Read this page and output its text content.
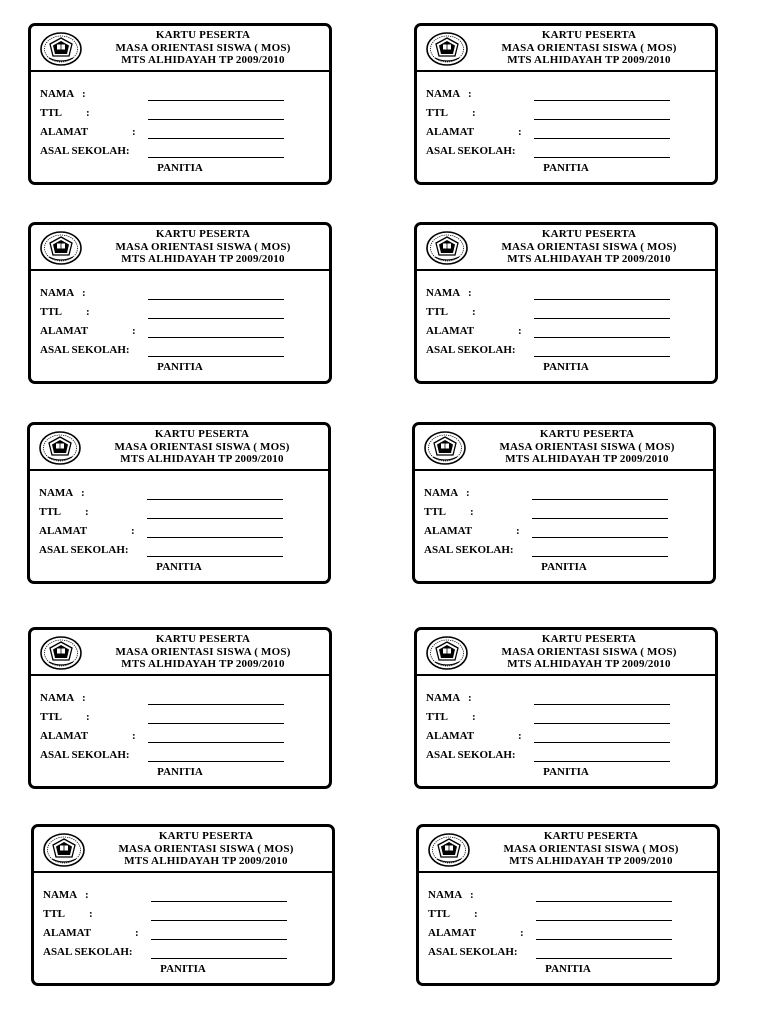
KARTU PESERTA
MASA ORIENTASI SISWA ( MOS)
MTS ALHIDAYAH TP 2009/2010
NAMA :
TTL :
ALAMAT	:
ASAL SEKOLAH:
PANITIA
KARTU PESERTA
MASA ORIENTASI SISWA ( MOS)
MTS ALHIDAYAH TP 2009/2010
NAMA :
TTL :
ALAMAT	:
ASAL SEKOLAH:
PANITIA
KARTU PESERTA
MASA ORIENTASI SISWA ( MOS)
MTS ALHIDAYAH TP 2009/2010
NAMA :
TTL :
ALAMAT	:
ASAL SEKOLAH:
PANITIA
KARTU PESERTA
MASA ORIENTASI SISWA ( MOS)
MTS ALHIDAYAH TP 2009/2010
NAMA :
TTL :
ALAMAT	:
ASAL SEKOLAH:
PANITIA
KARTU PESERTA
MASA ORIENTASI SISWA ( MOS)
MTS ALHIDAYAH TP 2009/2010
NAMA :
TTL :
ALAMAT	:
ASAL SEKOLAH:
PANITIA
KARTU PESERTA
MASA ORIENTASI SISWA ( MOS)
MTS ALHIDAYAH TP 2009/2010
NAMA :
TTL :
ALAMAT	:
ASAL SEKOLAH:
PANITIA
KARTU PESERTA
MASA ORIENTASI SISWA ( MOS)
MTS ALHIDAYAH TP 2009/2010
NAMA :
TTL :
ALAMAT	:
ASAL SEKOLAH:
PANITIA
KARTU PESERTA
MASA ORIENTASI SISWA ( MOS)
MTS ALHIDAYAH TP 2009/2010
NAMA :
TTL :
ALAMAT	:
ASAL SEKOLAH:
PANITIA
KARTU PESERTA
MASA ORIENTASI SISWA ( MOS)
MTS ALHIDAYAH TP 2009/2010
NAMA :
TTL :
ALAMAT	:
ASAL SEKOLAH:
PANITIA
KARTU PESERTA
MASA ORIENTASI SISWA ( MOS)
MTS ALHIDAYAH TP 2009/2010
NAMA :
TTL :
ALAMAT	:
ASAL SEKOLAH:
PANITIA
